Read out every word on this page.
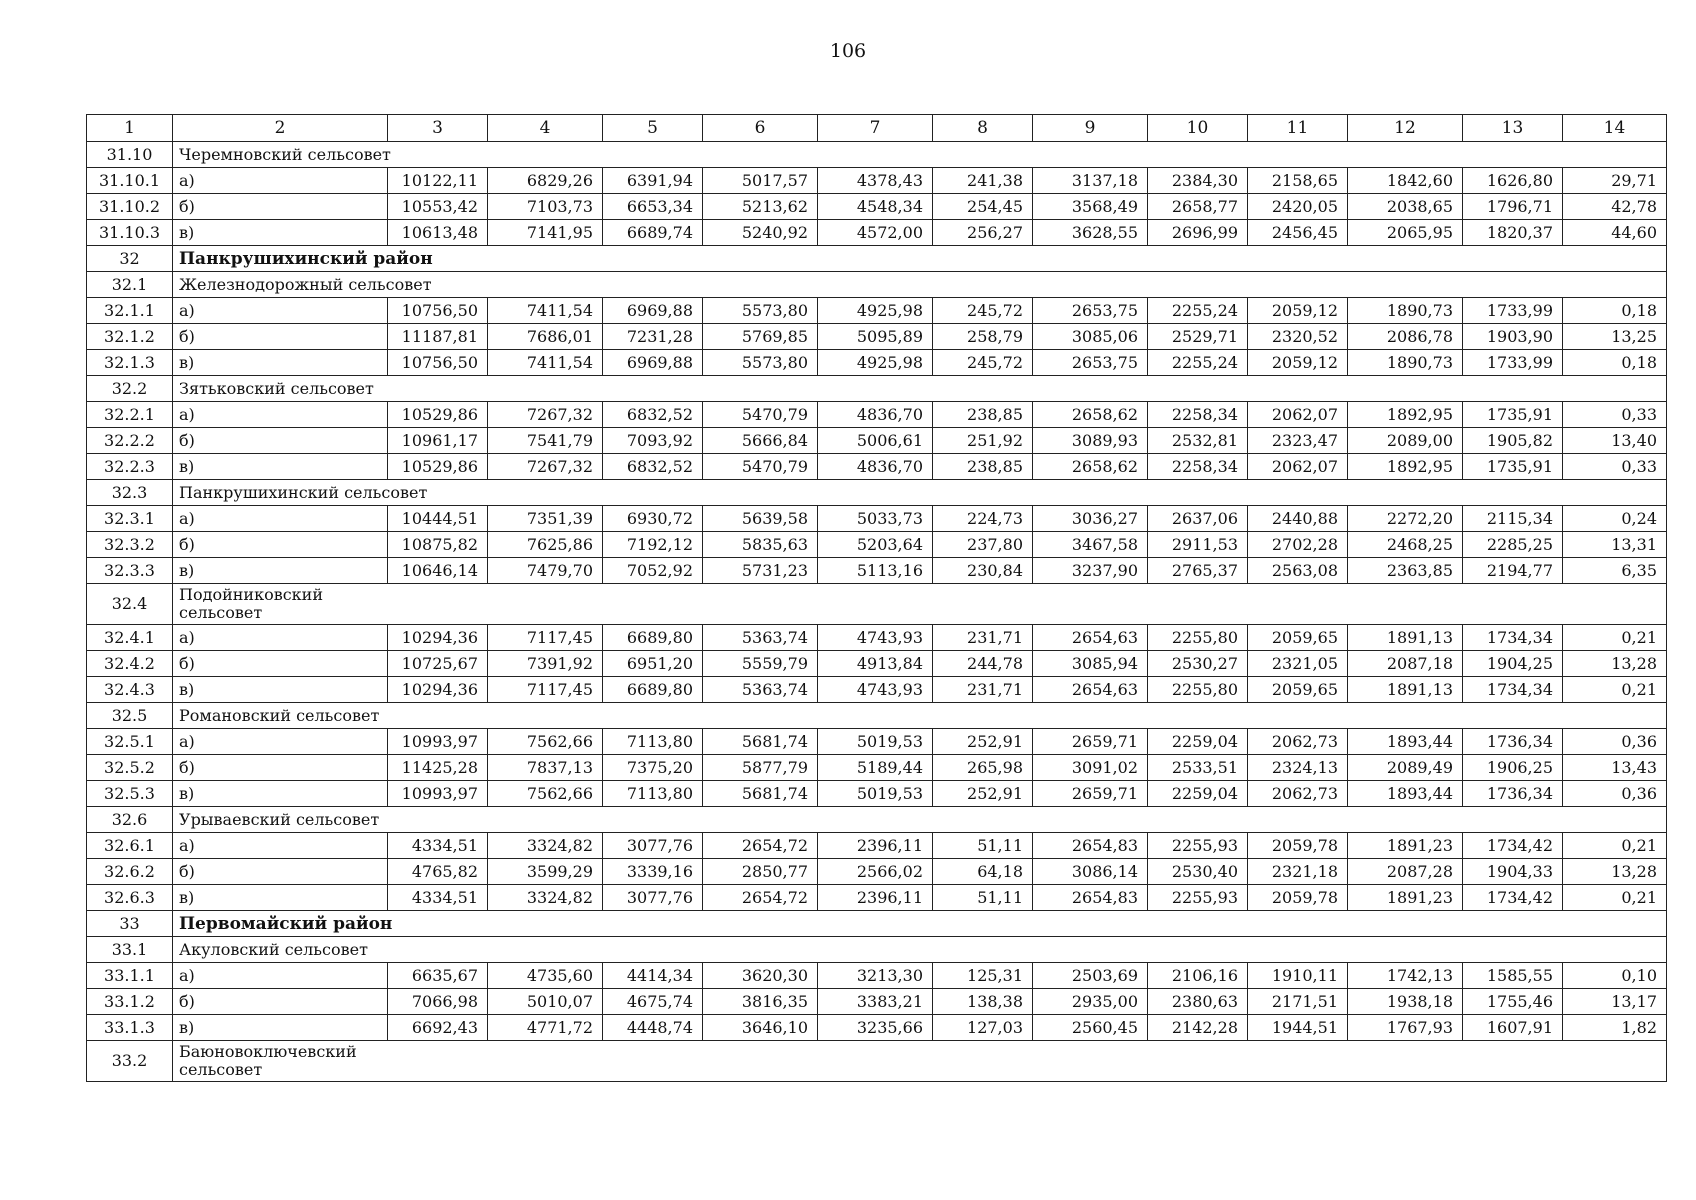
106
1	2	3	4	5	6	7	8	9	10	11	12	13	14
31.10	Черемновский сельсовет												
31.10.1	а)	10122,11	6829,26	6391,94	5017,57	4378,43	241,38	3137,18	2384,30	2158,65	1842,60	1626,80	29,71
31.10.2	б)	10553,42	7103,73	6653,34	5213,62	4548,34	254,45	3568,49	2658,77	2420,05	2038,65	1796,71	42,78
31.10.3	в)	10613,48	7141,95	6689,74	5240,92	4572,00	256,27	3628,55	2696,99	2456,45	2065,95	1820,37	44,60
32	Панкрушихинский район												
32.1	Железнодорожный сельсовет												
32.1.1	а)	10756,50	7411,54	6969,88	5573,80	4925,98	245,72	2653,75	2255,24	2059,12	1890,73	1733,99	0,18
32.1.2	б)	11187,81	7686,01	7231,28	5769,85	5095,89	258,79	3085,06	2529,71	2320,52	2086,78	1903,90	13,25
32.1.3	в)	10756,50	7411,54	6969,88	5573,80	4925,98	245,72	2653,75	2255,24	2059,12	1890,73	1733,99	0,18
32.2	Зятьковский сельсовет												
32.2.1	а)	10529,86	7267,32	6832,52	5470,79	4836,70	238,85	2658,62	2258,34	2062,07	1892,95	1735,91	0,33
32.2.2	б)	10961,17	7541,79	7093,92	5666,84	5006,61	251,92	3089,93	2532,81	2323,47	2089,00	1905,82	13,40
32.2.3	в)	10529,86	7267,32	6832,52	5470,79	4836,70	238,85	2658,62	2258,34	2062,07	1892,95	1735,91	0,33
32.3	Панкрушихинский сельсовет												
32.3.1	а)	10444,51	7351,39	6930,72	5639,58	5033,73	224,73	3036,27	2637,06	2440,88	2272,20	2115,34	0,24
32.3.2	б)	10875,82	7625,86	7192,12	5835,63	5203,64	237,80	3467,58	2911,53	2702,28	2468,25	2285,25	13,31
32.3.3	в)	10646,14	7479,70	7052,92	5731,23	5113,16	230,84	3237,90	2765,37	2563,08	2363,85	2194,77	6,35
32.4	Подойниковский сельсовет												
32.4.1	а)	10294,36	7117,45	6689,80	5363,74	4743,93	231,71	2654,63	2255,80	2059,65	1891,13	1734,34	0,21
32.4.2	б)	10725,67	7391,92	6951,20	5559,79	4913,84	244,78	3085,94	2530,27	2321,05	2087,18	1904,25	13,28
32.4.3	в)	10294,36	7117,45	6689,80	5363,74	4743,93	231,71	2654,63	2255,80	2059,65	1891,13	1734,34	0,21
32.5	Романовский сельсовет												
32.5.1	а)	10993,97	7562,66	7113,80	5681,74	5019,53	252,91	2659,71	2259,04	2062,73	1893,44	1736,34	0,36
32.5.2	б)	11425,28	7837,13	7375,20	5877,79	5189,44	265,98	3091,02	2533,51	2324,13	2089,49	1906,25	13,43
32.5.3	в)	10993,97	7562,66	7113,80	5681,74	5019,53	252,91	2659,71	2259,04	2062,73	1893,44	1736,34	0,36
32.6	Урываевский сельсовет												
32.6.1	а)	4334,51	3324,82	3077,76	2654,72	2396,11	51,11	2654,83	2255,93	2059,78	1891,23	1734,42	0,21
32.6.2	б)	4765,82	3599,29	3339,16	2850,77	2566,02	64,18	3086,14	2530,40	2321,18	2087,28	1904,33	13,28
32.6.3	в)	4334,51	3324,82	3077,76	2654,72	2396,11	51,11	2654,83	2255,93	2059,78	1891,23	1734,42	0,21
33	Первомайский район												
33.1	Акуловский сельсовет												
33.1.1	а)	6635,67	4735,60	4414,34	3620,30	3213,30	125,31	2503,69	2106,16	1910,11	1742,13	1585,55	0,10
33.1.2	б)	7066,98	5010,07	4675,74	3816,35	3383,21	138,38	2935,00	2380,63	2171,51	1938,18	1755,46	13,17
33.1.3	в)	6692,43	4771,72	4448,74	3646,10	3235,66	127,03	2560,45	2142,28	1944,51	1767,93	1607,91	1,82
33.2	Баюновоключевский сельсовет												
